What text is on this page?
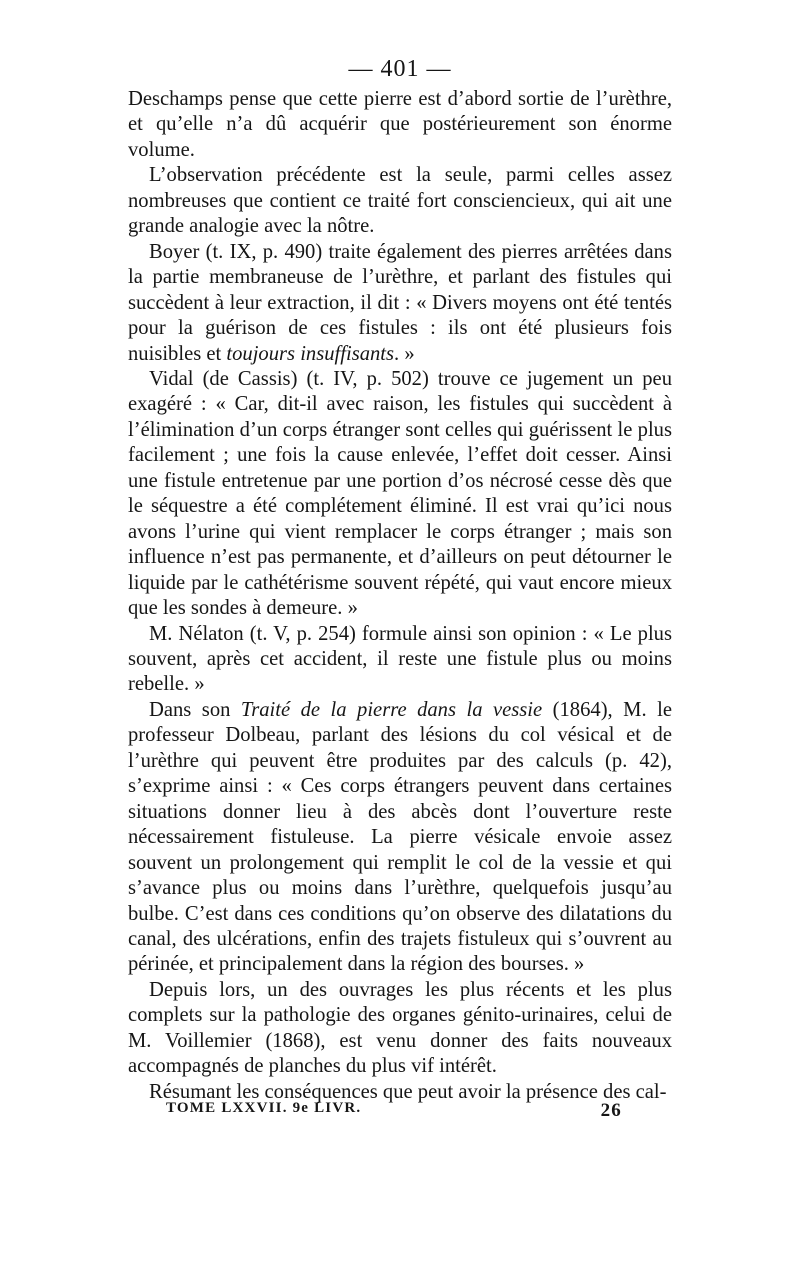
— 401 —

Deschamps pense que cette pierre est d’abord sortie de l’urèthre, et qu’elle n’a dû acquérir que postérieurement son énorme volume.

L’observation précédente est la seule, parmi celles assez nombreuses que contient ce traité fort consciencieux, qui ait une grande analogie avec la nôtre.

Boyer (t. IX, p. 490) traite également des pierres arrêtées dans la partie membraneuse de l’urèthre, et parlant des fistules qui succèdent à leur extraction, il dit : « Divers moyens ont été tentés pour la guérison de ces fistules : ils ont été plusieurs fois nuisibles et toujours insuffisants. »

Vidal (de Cassis) (t. IV, p. 502) trouve ce jugement un peu exagéré : « Car, dit-il avec raison, les fistules qui succèdent à l’élimination d’un corps étranger sont celles qui guérissent le plus facilement ; une fois la cause enlevée, l’effet doit cesser. Ainsi une fistule entretenue par une portion d’os nécrosé cesse dès que le séquestre a été complétement éliminé. Il est vrai qu’ici nous avons l’urine qui vient remplacer le corps étranger ; mais son influence n’est pas permanente, et d’ailleurs on peut détourner le liquide par le cathétérisme souvent répété, qui vaut encore mieux que les sondes à demeure. »

M. Nélaton (t. V, p. 254) formule ainsi son opinion : « Le plus souvent, après cet accident, il reste une fistule plus ou moins rebelle. »

Dans son Traité de la pierre dans la vessie (1864), M. le professeur Dolbeau, parlant des lésions du col vésical et de l’urèthre qui peuvent être produites par des calculs (p. 42), s’exprime ainsi : « Ces corps étrangers peuvent dans certaines situations donner lieu à des abcès dont l’ouverture reste nécessairement fistuleuse. La pierre vésicale envoie assez souvent un prolongement qui remplit le col de la vessie et qui s’avance plus ou moins dans l’urèthre, quelquefois jusqu’au bulbe. C’est dans ces conditions qu’on observe des dilatations du canal, des ulcérations, enfin des trajets fistuleux qui s’ouvrent au périnée, et principalement dans la région des bourses. »

Depuis lors, un des ouvrages les plus récents et les plus complets sur la pathologie des organes génito-urinaires, celui de M. Voillemier (1868), est venu donner des faits nouveaux accompagnés de planches du plus vif intérêt.

Résumant les conséquences que peut avoir la présence des cal-

TOME LXXVII. 9e LIVR.	26
